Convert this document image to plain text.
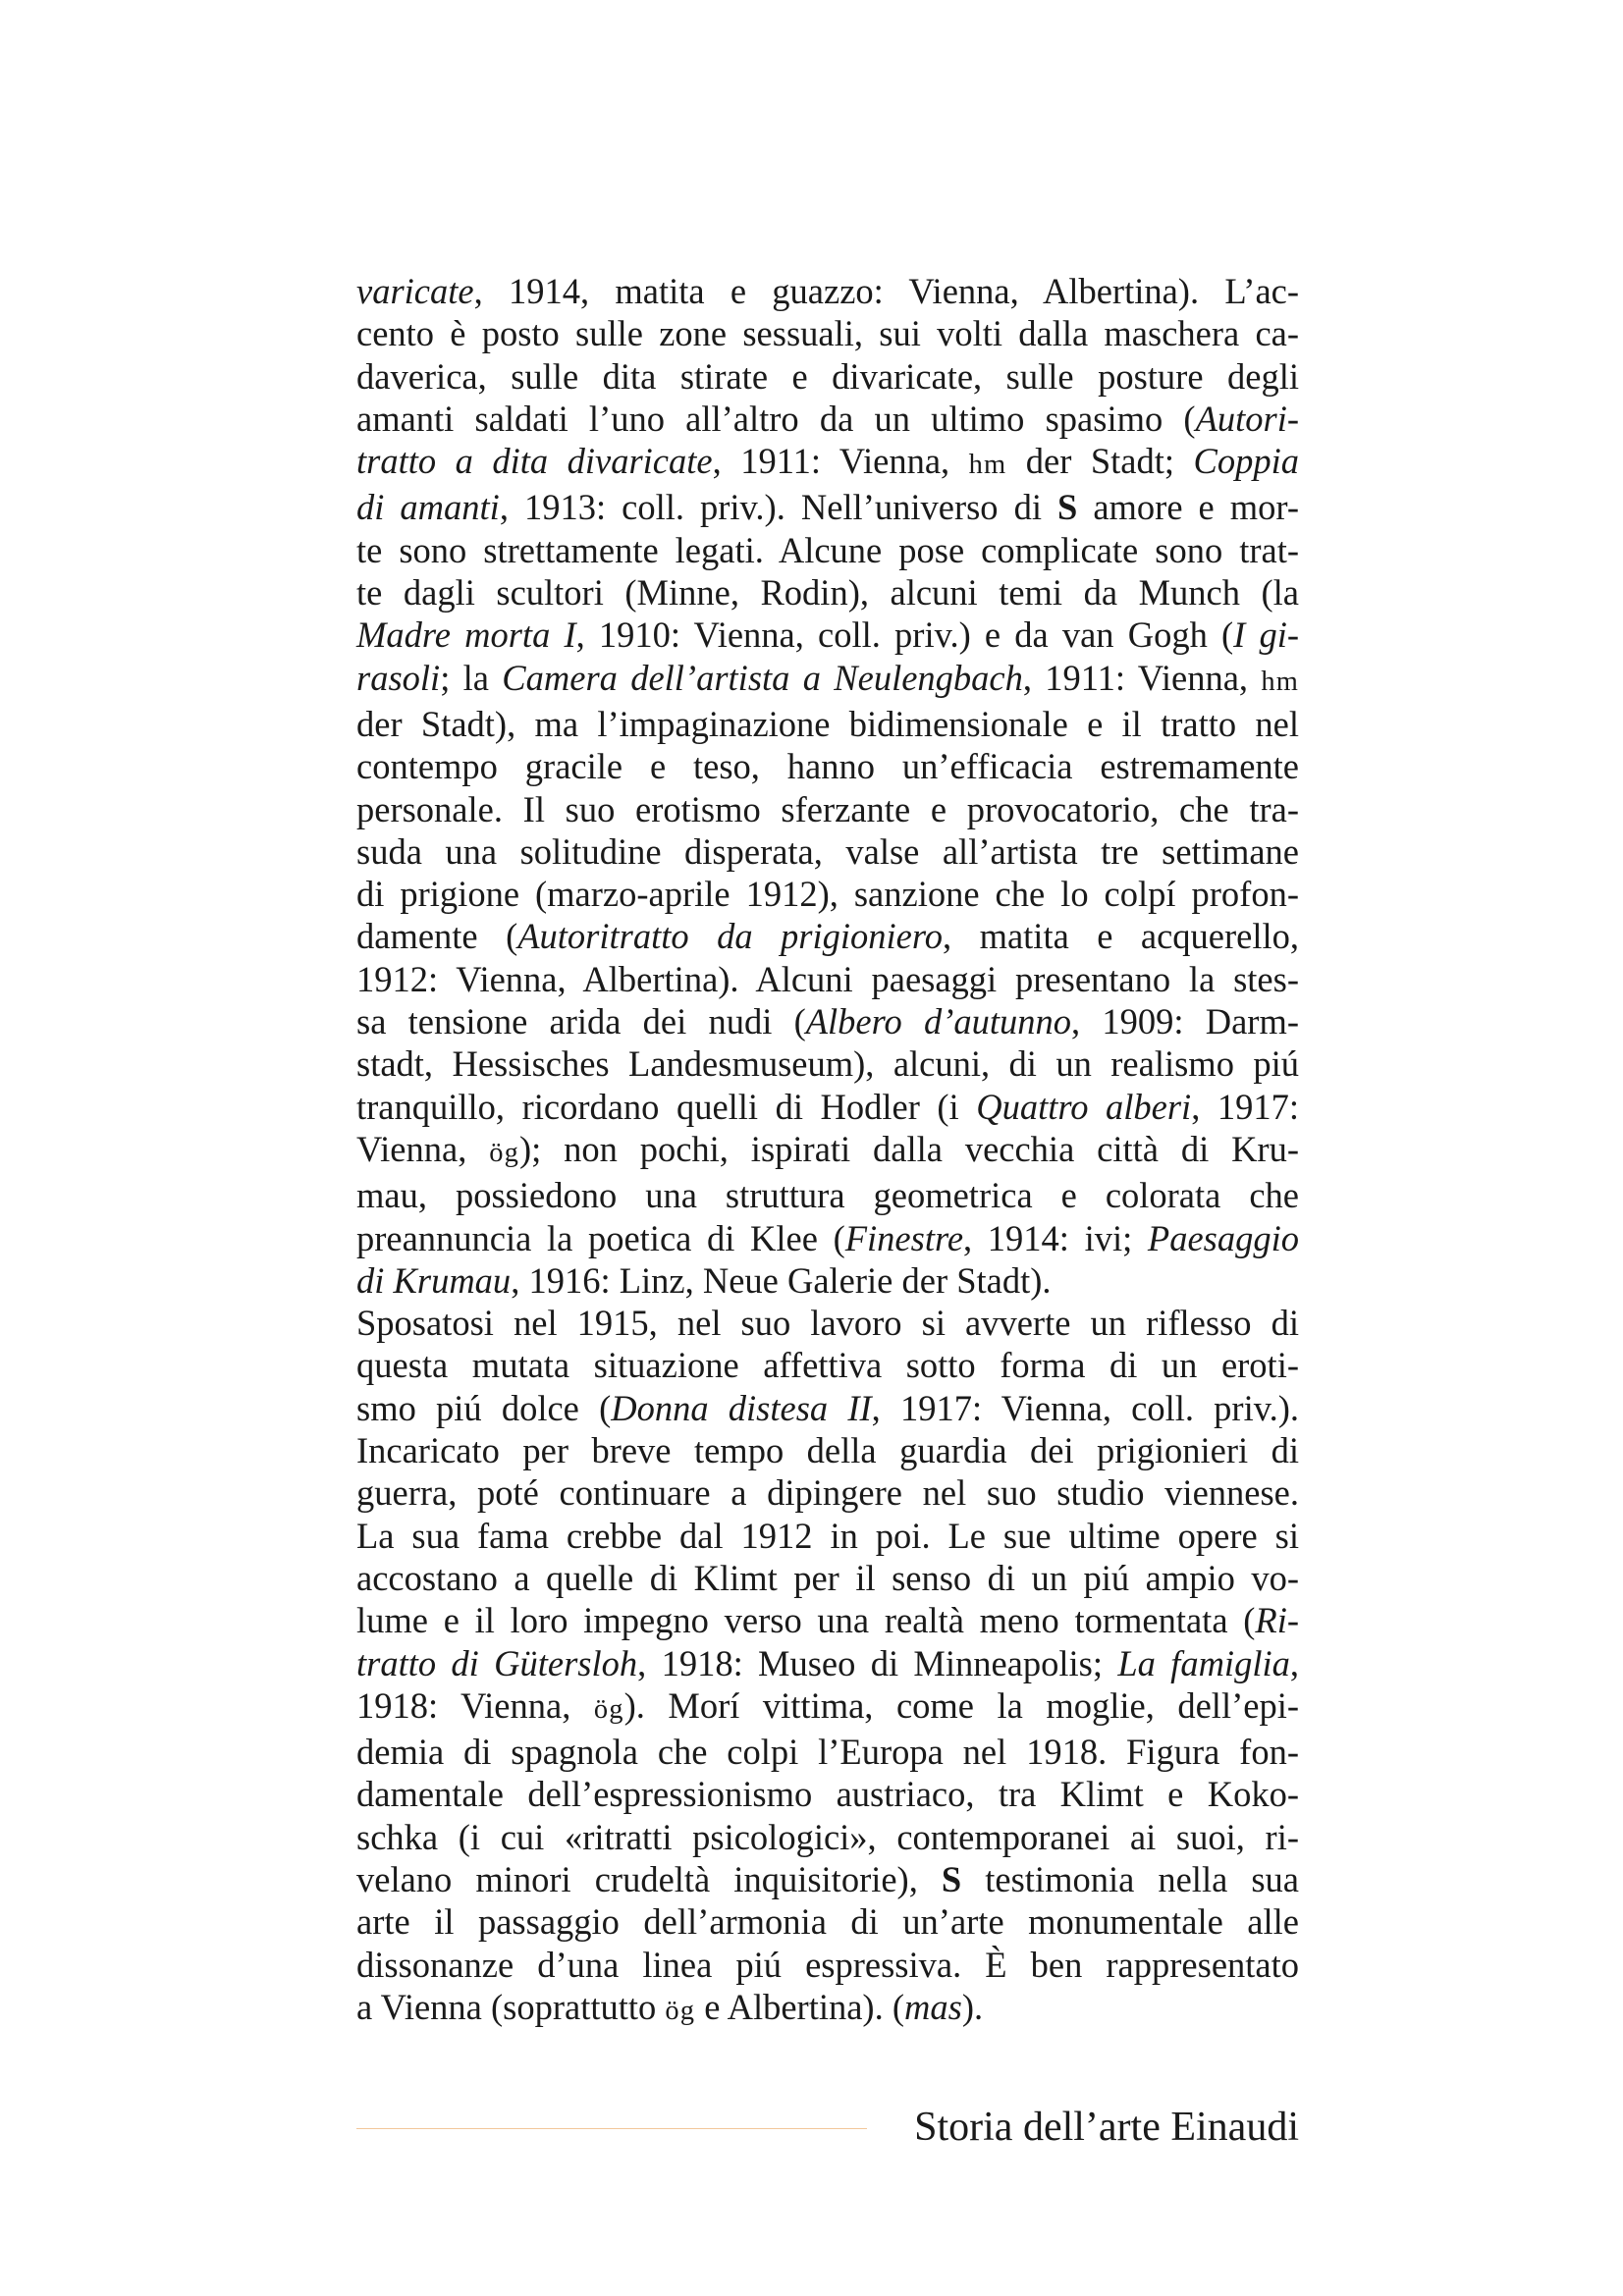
varicate, 1914, matita e guazzo: Vienna, Albertina). L’ac-
cento è posto sulle zone sessuali, sui volti dalla maschera ca-
daverica, sulle dita stirate e divaricate, sulle posture degli
amanti saldati l’uno all’altro da un ultimo spasimo (Autori-
tratto a dita divaricate, 1911: Vienna, hm der Stadt; Coppia
di amanti, 1913: coll. priv.). Nell’universo di S amore e mor-
te sono strettamente legati. Alcune pose complicate sono trat-
te dagli scultori (Minne, Rodin), alcuni temi da Munch (la
Madre morta I, 1910: Vienna, coll. priv.) e da van Gogh (I gi-
rasoli; la Camera dell’artista a Neulengbach, 1911: Vienna, hm
der Stadt), ma l’impaginazione bidimensionale e il tratto nel
contempo gracile e teso, hanno un’efficacia estremamente
personale. Il suo erotismo sferzante e provocatorio, che tra-
suda una solitudine disperata, valse all’artista tre settimane
di prigione (marzo-aprile 1912), sanzione che lo colpí profon-
damente (Autoritratto da prigioniero, matita e acquerello,
1912: Vienna, Albertina). Alcuni paesaggi presentano la stes-
sa tensione arida dei nudi (Albero d’autunno, 1909: Darm-
stadt, Hessisches Landesmuseum), alcuni, di un realismo piú
tranquillo, ricordano quelli di Hodler (i Quattro alberi, 1917:
Vienna, ög); non pochi, ispirati dalla vecchia città di Kru-
mau, possiedono una struttura geometrica e colorata che
preannuncia la poetica di Klee (Finestre, 1914: ivi; Paesaggio
di Krumau, 1916: Linz, Neue Galerie der Stadt).
Sposatosi nel 1915, nel suo lavoro si avverte un riflesso di
questa mutata situazione affettiva sotto forma di un eroti-
smo piú dolce (Donna distesa II, 1917: Vienna, coll. priv.).
Incaricato per breve tempo della guardia dei prigionieri di
guerra, poté continuare a dipingere nel suo studio viennese.
La sua fama crebbe dal 1912 in poi. Le sue ultime opere si
accostano a quelle di Klimt per il senso di un piú ampio vo-
lume e il loro impegno verso una realtà meno tormentata (Ri-
tratto di Gütersloh, 1918: Museo di Minneapolis; La famiglia,
1918: Vienna, ög). Morí vittima, come la moglie, dell’epi-
demia di spagnola che colpi l’Europa nel 1918. Figura fon-
damentale dell’espressionismo austriaco, tra Klimt e Koko-
schka (i cui «ritratti psicologici», contemporanei ai suoi, ri-
velano minori crudeltà inquisitorie), S testimonia nella sua
arte il passaggio dell’armonia di un’arte monumentale alle
dissonanze d’una linea piú espressiva. È ben rappresentato
a Vienna (soprattutto ög e Albertina). (mas).
Storia dell’arte Einaudi
